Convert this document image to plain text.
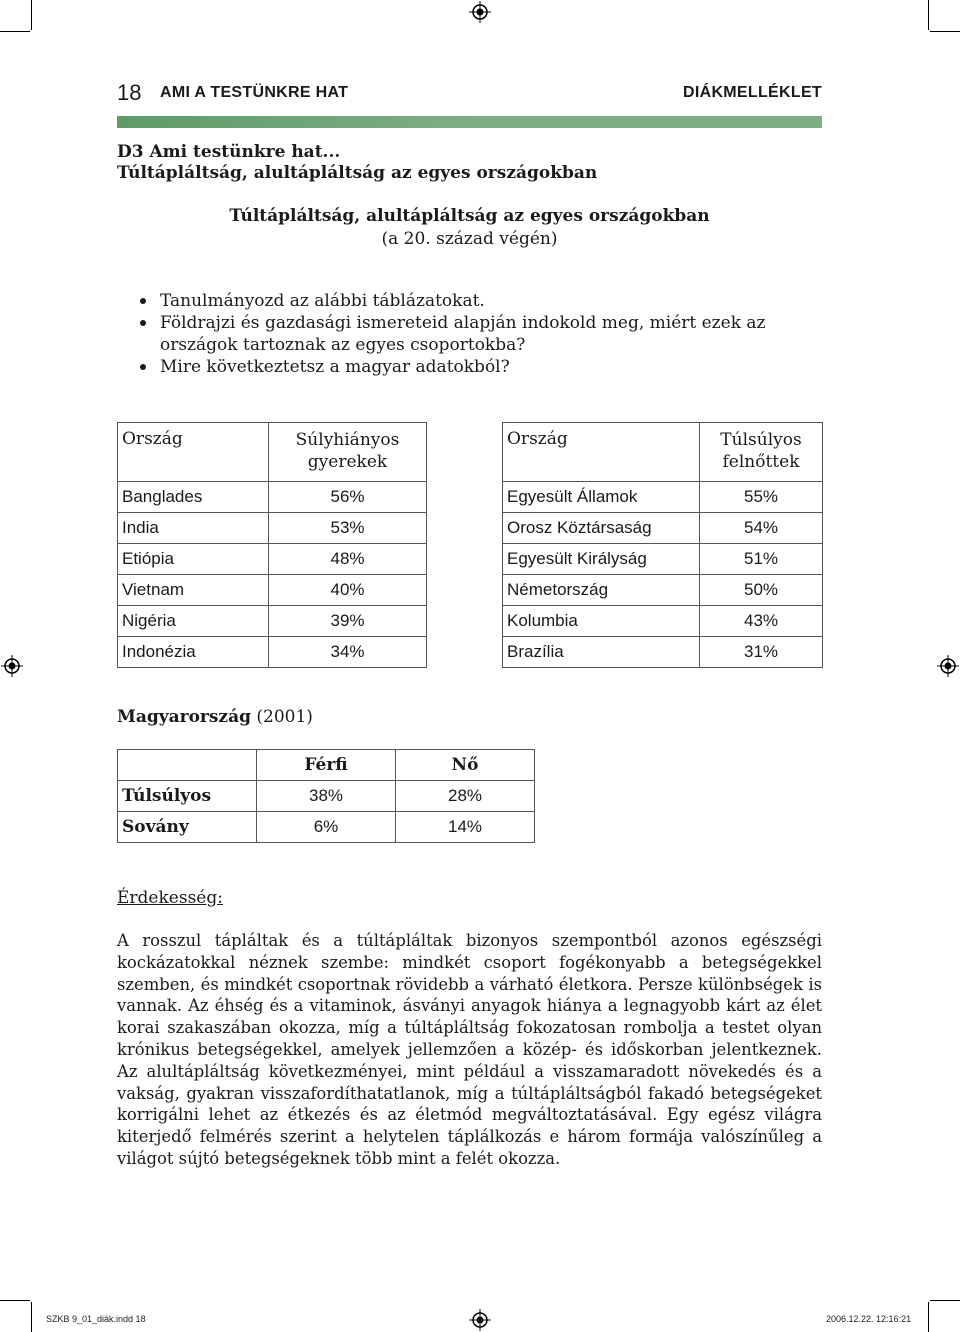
18 AMI A TESTÜNKRE HAT	DIÁKMELLÉKLET
D3 Ami testünkre hat...
Túltápláltság, alultápláltság az egyes országokban
Túltápláltság, alultápláltság az egyes országokban
(a 20. század végén)
Tanulmányozd az alábbi táblázatokat.
Földrajzi és gazdasági ismereteid alapján indokold meg, miért ezek az országok tartoznak az egyes csoportokba?
Mire következtetsz a magyar adatokból?
Ország	Súlyhiányos
gyerekek
Banglades	56%
India	53%
Etiópia	48%
Vietnam	40%
Nigéria	39%
Indonézia	34%
Ország	Túlsúlyos
felnőttek
Egyesült Államok	55%
Orosz Köztársaság	54%
Egyesült Királyság	51%
Németország	50%
Kolumbia	43%
Brazília	31%
Magyarország (2001)
	Férfi	Nő
Túlsúlyos	38%	28%
Sovány	6%	14%
Érdekesség:
A rosszul tápláltak és a túltápláltak bizonyos szempontból azonos egészségi kockázatokkal néznek szembe: mindkét csoport fogékonyabb a betegségekkel szemben, és mindkét csoportnak rövidebb a várható életkora. Persze különbségek is vannak. Az éhség és a vitaminok, ásványi anyagok hiánya a legnagyobb kárt az élet korai szakaszában okozza, míg a túltápláltság fokozatosan rombolja a testet olyan krónikus betegségekkel, amelyek jellemzően a közép- és időskorban jelentkeznek. Az alultápláltság következményei, mint például a visszamaradott növekedés és a vakság, gyakran visszafordíthatatlanok, míg a túltápláltságból fakadó betegségeket korrigálni lehet az étkezés és az életmód megváltoztatásával. Egy egész világra kiterjedő felmérés szerint a helytelen táplálkozás e három formája valószínűleg a világot sújtó betegségeknek több mint a felét okozza.
SZKB 9_01_diák.indd 18	2006.12.22. 12:16:21
